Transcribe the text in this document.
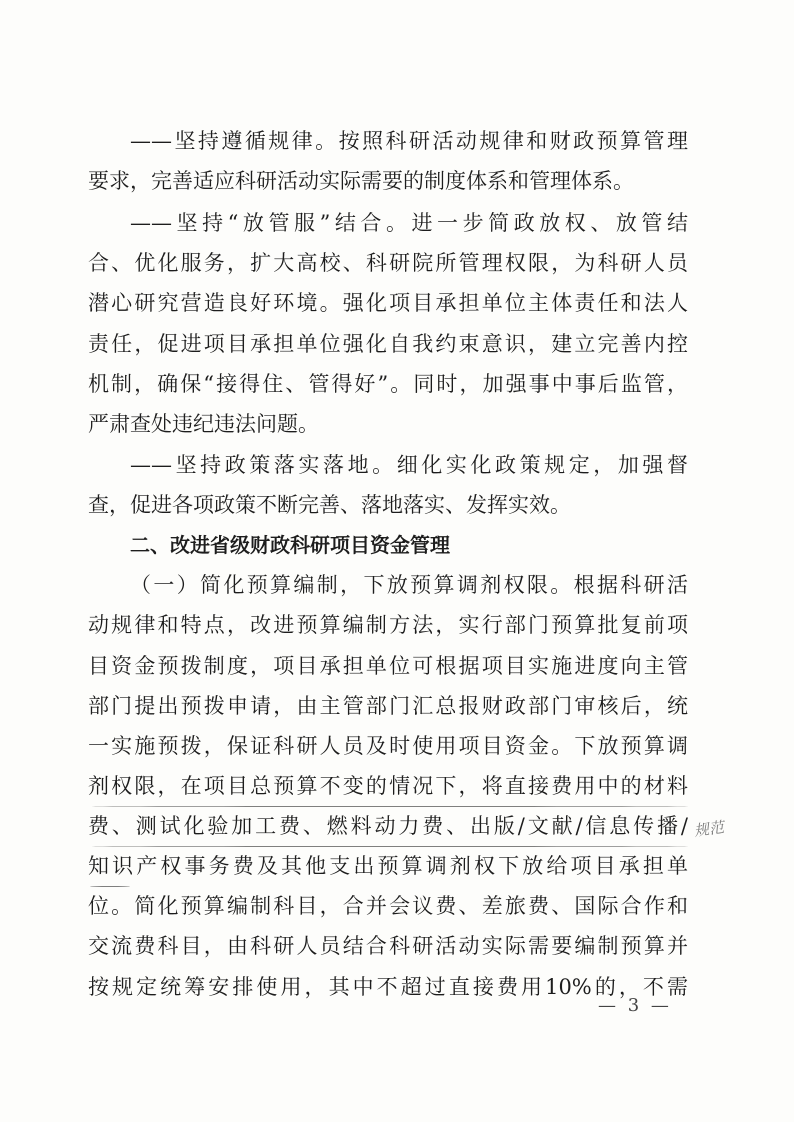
——坚持遵循规律。按照科研活动规律和财政预算管理
要求，完善适应科研活动实际需要的制度体系和管理体系。
——坚持“放管服”结合。进一步简政放权、放管结
合、优化服务，扩大高校、科研院所管理权限，为科研人员
潜心研究营造良好环境。强化项目承担单位主体责任和法人
责任，促进项目承担单位强化自我约束意识，建立完善内控
机制，确保“接得住、管得好”。同时，加强事中事后监管，
严肃查处违纪违法问题。
——坚持政策落实落地。细化实化政策规定，加强督
查，促进各项政策不断完善、落地落实、发挥实效。
二、改进省级财政科研项目资金管理
（一）简化预算编制，下放预算调剂权限。根据科研活
动规律和特点，改进预算编制方法，实行部门预算批复前项
目资金预拨制度，项目承担单位可根据项目实施进度向主管
部门提出预拨申请，由主管部门汇总报财政部门审核后，统
一实施预拨，保证科研人员及时使用项目资金。下放预算调
剂权限，在项目总预算不变的情况下，将直接费用中的材料
费、测试化验加工费、燃料动力费、出版/文献/信息传播/
知识产权事务费及其他支出预算调剂权下放给项目承担单
位。简化预算编制科目，合并会议费、差旅费、国际合作和
交流费科目，由科研人员结合科研活动实际需要编制预算并
按规定统筹安排使用，其中不超过直接费用10%的，不需
规范
— 3 —
